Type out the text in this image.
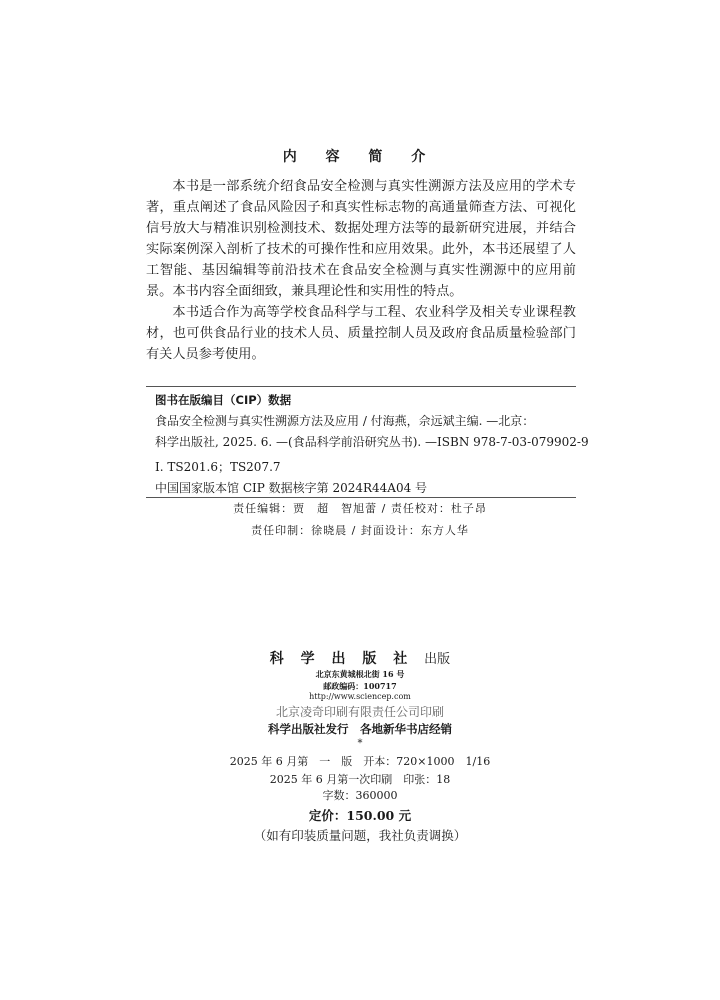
内 容 简 介

本书是一部系统介绍食品安全检测与真实性溯源方法及应用的学术专著，重点阐述了食品风险因子和真实性标志物的高通量筛查方法、可视化信号放大与精准识别检测技术、数据处理方法等的最新研究进展，并结合实际案例深入剖析了技术的可操作性和应用效果。此外，本书还展望了人工智能、基因编辑等前沿技术在食品安全检测与真实性溯源中的应用前景。本书内容全面细致，兼具理论性和实用性的特点。

本书适合作为高等学校食品科学与工程、农业科学及相关专业课程教材，也可供食品行业的技术人员、质量控制人员及政府食品质量检验部门有关人员参考使用。

图书在版编目（CIP）数据
食品安全检测与真实性溯源方法及应用 / 付海燕，佘远斌主编. —北京：
科学出版社, 2025. 6. —(食品科学前沿研究丛书). —ISBN 978-7-03-079902-9
Ⅰ. TS201.6；TS207.7
中国国家版本馆 CIP 数据核字第 2024R44A04 号
责任编辑：贾　超　智旭蕾 / 责任校对：杜子昂
责任印制：徐晓晨 / 封面设计：东方人华
科 学 出 版 社 出版
北京东黄城根北街 16 号
邮政编码：100717
http://www.sciencep.com
北京凌奇印刷有限责任公司印刷
科学出版社发行　各地新华书店经销
*
2025 年 6 月第　一　版　开本：720×1000　1/16
2025 年 6 月第一次印刷　印张：18
字数：360000
定价：150.00 元
（如有印装质量问题，我社负责调换）
